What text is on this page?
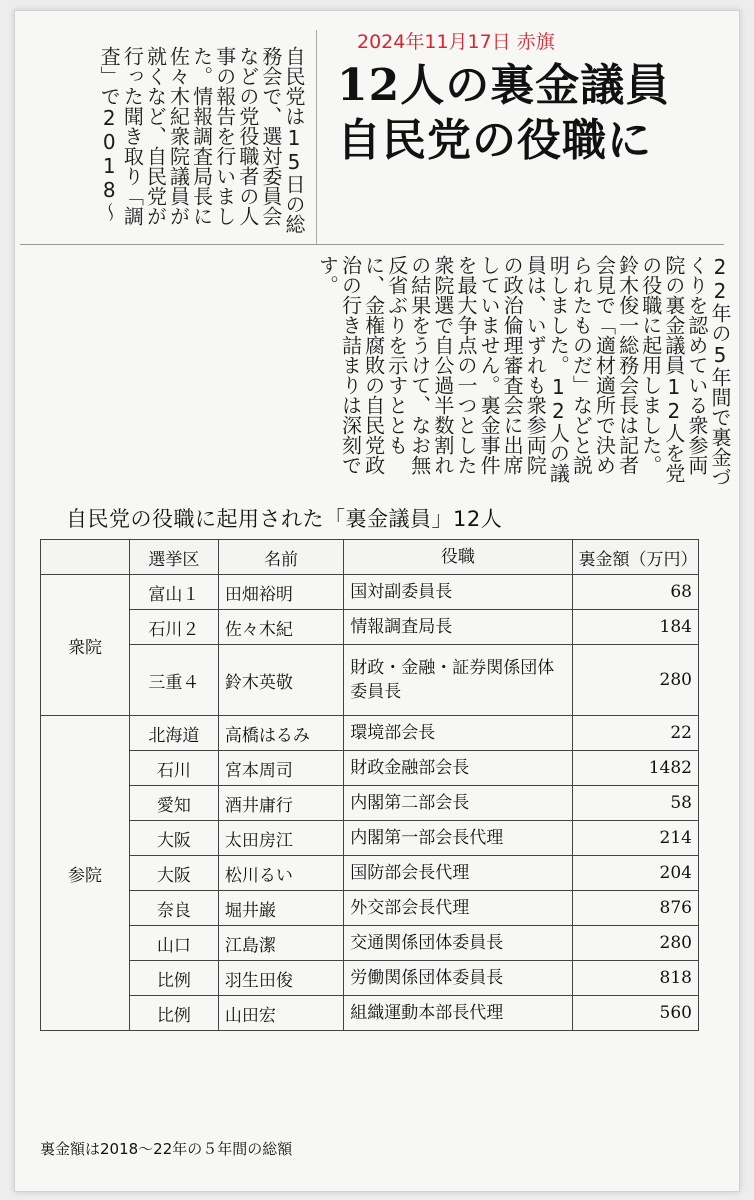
2024年11月17日 赤旗

12人の裏金議員
自民党の役職に

自民党は15日の総務会で、選対委員会などの党役職者の人事の報告を行いました。情報調査局長に佐々木紀衆院議員が就くなど、自民党が行った聞き取り「調査」で2018〜

22年の5年間で裏金づくりを認めている衆参両院の裏金議員12人を党の役職に起用しました。　鈴木俊一総務会長は記者会見で「適材適所で決められたものだ」などと説明しました。12人の議員は、いずれも衆参両院の政治倫理審査会に出席していません。裏金事件を最大争点の一つとした衆院選で自公過半数割れの結果をうけて、なお無反省ぶりを示すとともに、金権腐敗の自民党政治の行き詰まりは深刻です。

自民党の役職に起用された「裏金議員」12人

	選挙区	名前	役職	裏金額（万円）
衆院	富山１	田畑裕明	国対副委員長	68
	石川２	佐々木紀	情報調査局長	184
	三重４	鈴木英敬	財政・金融・証券関係団体委員長	280
参院	北海道	高橋はるみ	環境部会長	22
	石川	宮本周司	財政金融部会長	1482
	愛知	酒井庸行	内閣第二部会長	58
	大阪	太田房江	内閣第一部会長代理	214
	大阪	松川るい	国防部会長代理	204
	奈良	堀井巌	外交部会長代理	876
	山口	江島潔	交通関係団体委員長	280
	比例	羽生田俊	労働関係団体委員長	818
	比例	山田宏	組織運動本部長代理	560

裏金額は2018～22年の５年間の総額
